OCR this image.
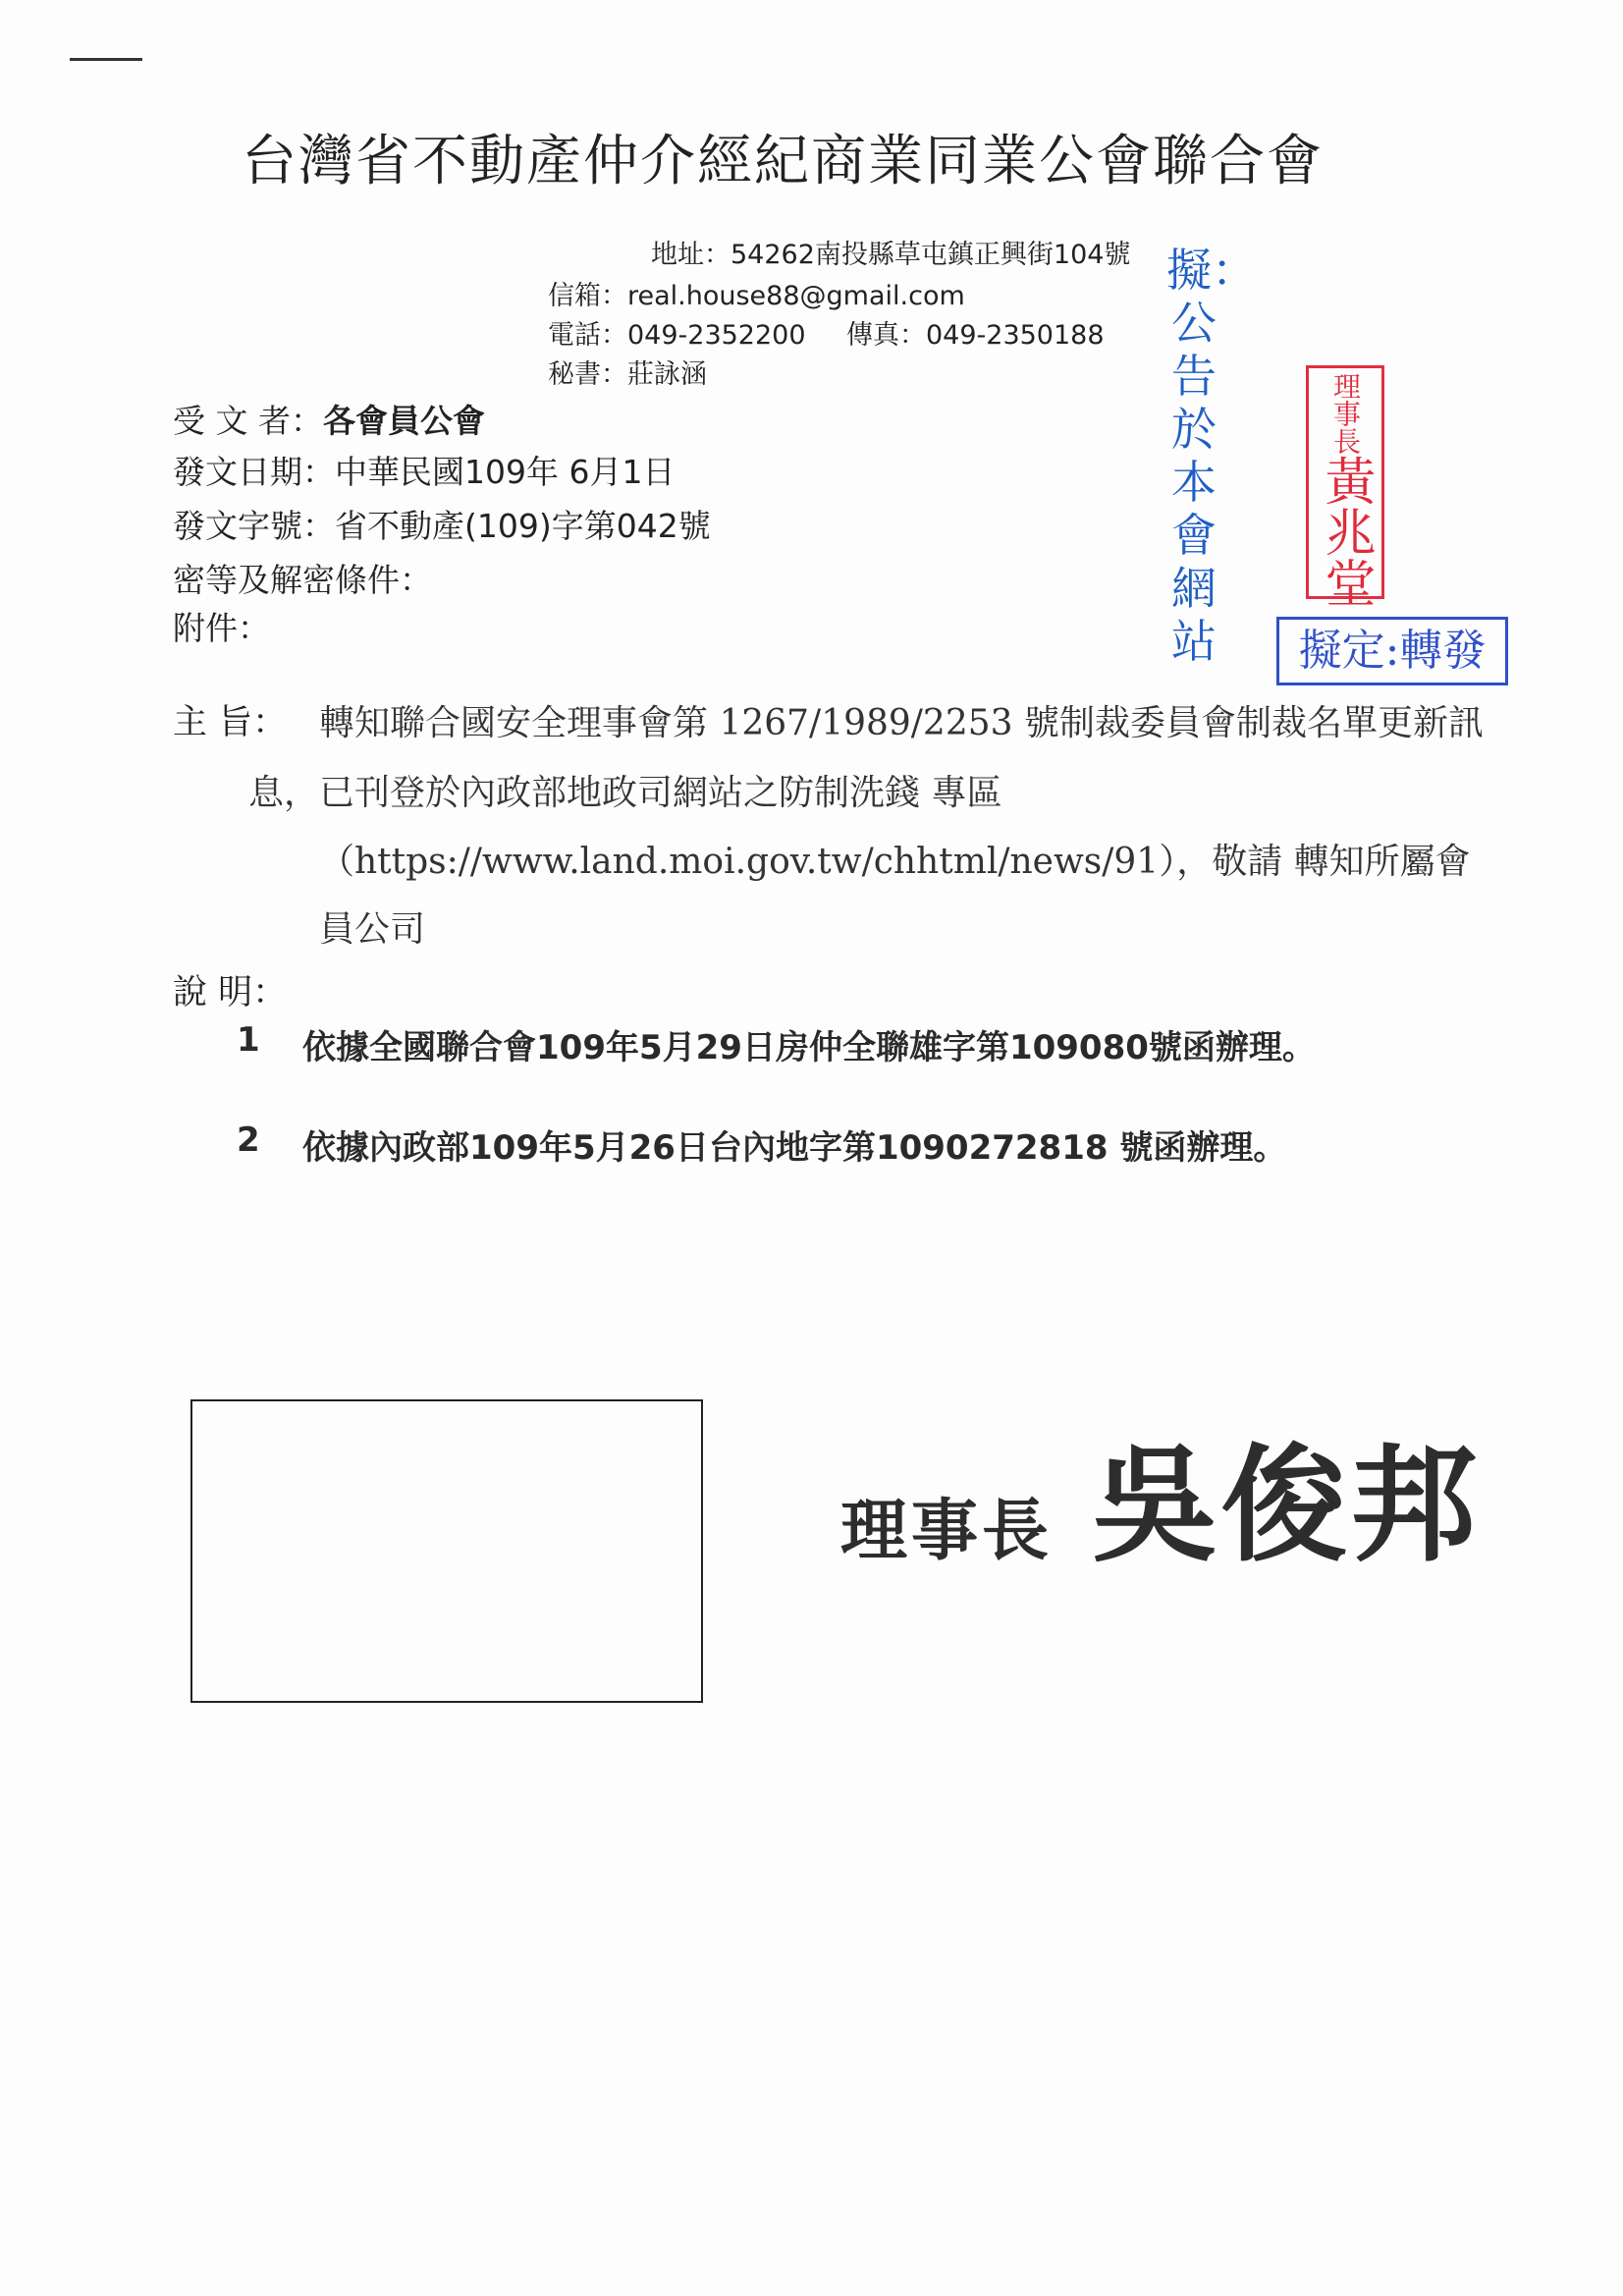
台灣省不動產仲介經紀商業同業公會聯合會
地址：54262南投縣草屯鎮正興街104號
信箱：real.house88@gmail.com
電話：049-2352200 傳真：049-2350188
秘書：莊詠涵
受 文 者：各會員公會
發文日期：中華民國109年 6月1日
發文字號：省不動產(109)字第042號
密等及解密條件：
附件：
主 旨： 轉知聯合國安全理事會第 1267/1989/2253 號制裁委員會制裁名單更新訊
息，已刊登於內政部地政司網站之防制洗錢 專區
（https://www.land.moi.gov.tw/chhtml/news/91），敬請 轉知所屬會
員公司
說 明：
1 依據全國聯合會109年5月29日房仲全聯雄字第109080號函辦理。
2 依據內政部109年5月26日台內地字第1090272818 號函辦理。
理事長 吳俊邦
擬：公告於本會網站
理事長
黃兆堂
擬定:轉發
